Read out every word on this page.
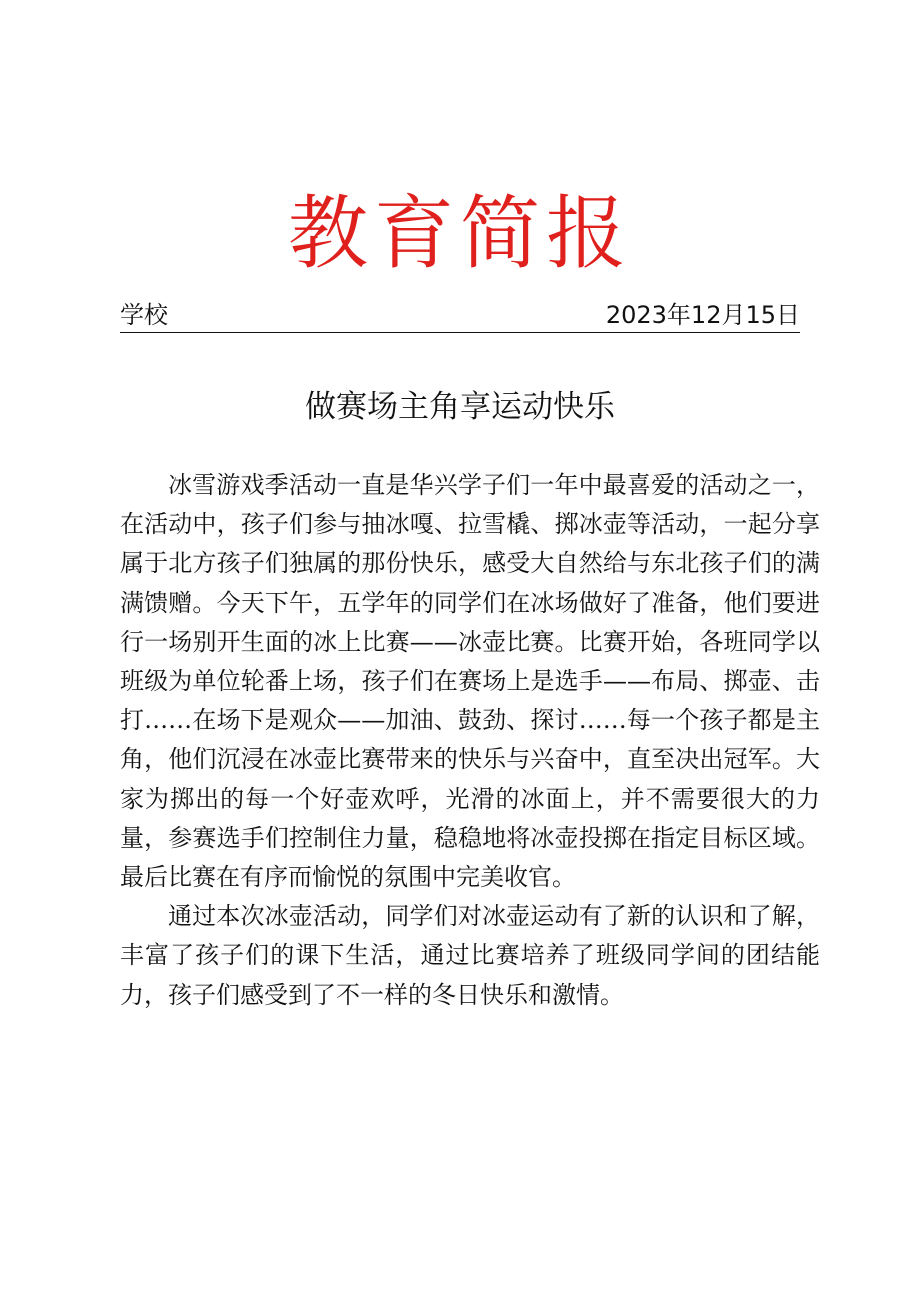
教育简报
学校	2023年12月15日
做赛场主角享运动快乐

冰雪游戏季活动一直是华兴学子们一年中最喜爱的活动之一，在活动中，孩子们参与抽冰嘎、拉雪橇、掷冰壶等活动，一起分享属于北方孩子们独属的那份快乐，感受大自然给与东北孩子们的满满馈赠。今天下午，五学年的同学们在冰场做好了准备，他们要进行一场别开生面的冰上比赛——冰壶比赛。比赛开始，各班同学以班级为单位轮番上场，孩子们在赛场上是选手——布局、掷壶、击打……在场下是观众——加油、鼓劲、探讨……每一个孩子都是主角，他们沉浸在冰壶比赛带来的快乐与兴奋中，直至决出冠军。大家为掷出的每一个好壶欢呼，光滑的冰面上，并不需要很大的力量，参赛选手们控制住力量，稳稳地将冰壶投掷在指定目标区域。最后比赛在有序而愉悦的氛围中完美收官。

通过本次冰壶活动，同学们对冰壶运动有了新的认识和了解，丰富了孩子们的课下生活，通过比赛培养了班级同学间的团结能力，孩子们感受到了不一样的冬日快乐和激情。
